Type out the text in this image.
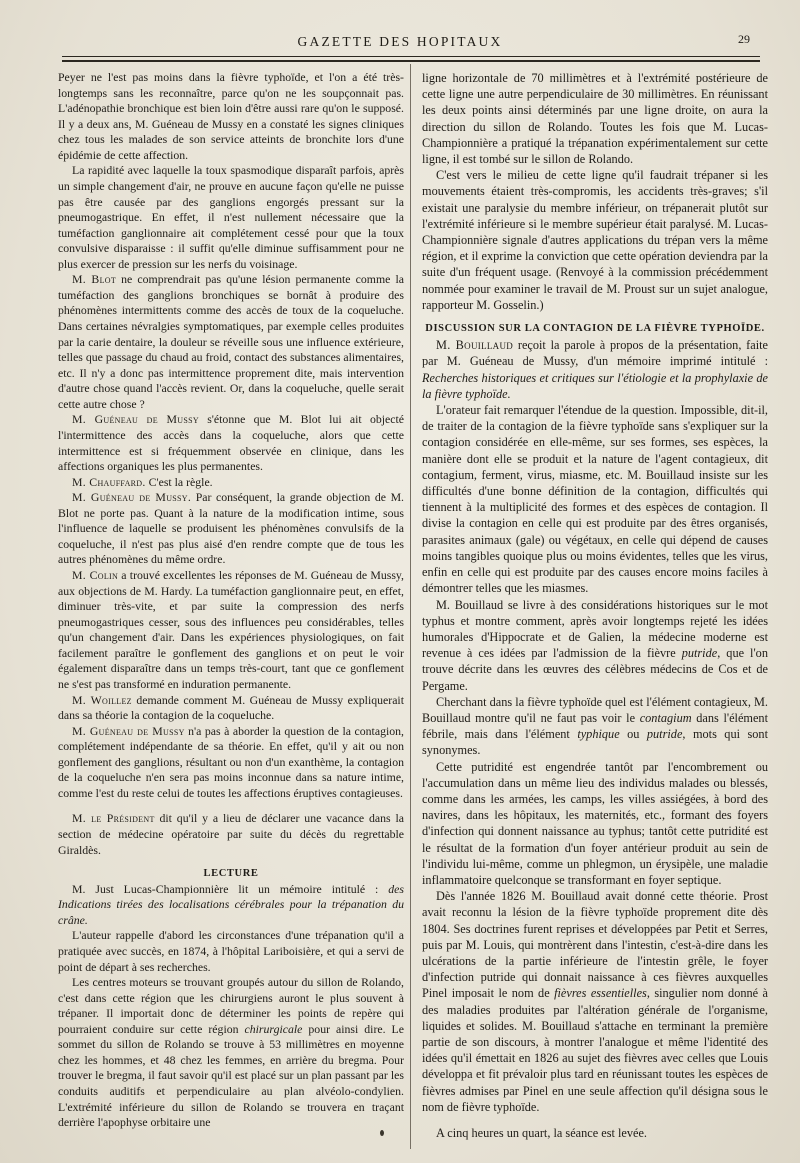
GAZETTE DES HOPITAUX	29

Peyer ne l'est pas moins dans la fièvre typhoïde, et l'on a été très-longtemps sans les reconnaître, parce qu'on ne les soupçonnait pas. L'adénopathie bronchique est bien loin d'être aussi rare qu'on le supposé. Il y a deux ans, M. Guéneau de Mussy en a constaté les signes cliniques chez tous les malades de son service atteints de bronchite lors d'une épidémie de cette affection.

La rapidité avec laquelle la toux spasmodique disparaît parfois, après un simple changement d'air, ne prouve en aucune façon qu'elle ne puisse pas être causée par des ganglions engorgés pressant sur la pneumogastrique. En effet, il n'est nullement nécessaire que la tuméfaction ganglionnaire ait complétement cessé pour que la toux convulsive disparaisse : il suffit qu'elle diminue suffisamment pour ne plus exercer de pression sur les nerfs du voisinage.

M. Blot ne comprendrait pas qu'une lésion permanente comme la tuméfaction des ganglions bronchiques se bornât à produire des phénomènes intermittents comme des accès de toux de la coqueluche. Dans certaines névralgies symptomatiques, par exemple celles produites par la carie dentaire, la douleur se réveille sous une influence extérieure, telles que passage du chaud au froid, contact des substances alimentaires, etc. Il n'y a donc pas intermittence proprement dite, mais intervention d'autre chose quand l'accès revient. Or, dans la coqueluche, quelle serait cette autre chose ?

M. Guéneau de Mussy s'étonne que M. Blot lui ait objecté l'intermittence des accès dans la coqueluche, alors que cette intermittence est si fréquemment observée en clinique, dans les affections organiques les plus permanentes.

M. Chauffard. C'est la règle.

M. Guéneau de Mussy. Par conséquent, la grande objection de M. Blot ne porte pas. Quant à la nature de la modification intime, sous l'influence de laquelle se produisent les phénomènes convulsifs de la coqueluche, il n'est pas plus aisé d'en rendre compte que de tous les autres phénomènes du même ordre.

M. Colin a trouvé excellentes les réponses de M. Guéneau de Mussy, aux objections de M. Hardy. La tuméfaction ganglionnaire peut, en effet, diminuer très-vite, et par suite la compression des nerfs pneumogastriques cesser, sous des influences peu considérables, telles qu'un changement d'air. Dans les expériences physiologiques, on fait facilement paraître le gonflement des ganglions et on peut le voir également disparaître dans un temps très-court, tant que ce gonflement ne s'est pas transformé en induration permanente.

M. Woillez demande comment M. Guéneau de Mussy expliquerait dans sa théorie la contagion de la coqueluche.

M. Guéneau de Mussy n'a pas à aborder la question de la contagion, complétement indépendante de sa théorie. En effet, qu'il y ait ou non gonflement des ganglions, résultant ou non d'un exanthème, la contagion de la coqueluche n'en sera pas moins inconnue dans sa nature intime, comme l'est du reste celui de toutes les affections éruptives contagieuses.

M. le Président dit qu'il y a lieu de déclarer une vacance dans la section de médecine opératoire par suite du décès du regrettable Giraldès.

LECTURE

M. Just Lucas-Championnière lit un mémoire intitulé : des Indications tirées des localisations cérébrales pour la trépanation du crâne.

L'auteur rappelle d'abord les circonstances d'une trépanation qu'il a pratiquée avec succès, en 1874, à l'hôpital Lariboisière, et qui a servi de point de départ à ses recherches.

Les centres moteurs se trouvant groupés autour du sillon de Rolando, c'est dans cette région que les chirurgiens auront le plus souvent à trépaner. Il importait donc de déterminer les points de repère qui pourraient conduire sur cette région chirurgicale pour ainsi dire. Le sommet du sillon de Rolando se trouve à 53 millimètres en moyenne chez les hommes, et 48 chez les femmes, en arrière du bregma. Pour trouver le bregma, il faut savoir qu'il est placé sur un plan passant par les conduits auditifs et perpendiculaire au plan alvéolo-condylien. L'extrémité inférieure du sillon de Rolando se trouvera en traçant derrière l'apophyse orbitaire une

ligne horizontale de 70 millimètres et à l'extrémité postérieure de cette ligne une autre perpendiculaire de 30 millimètres. En réunissant les deux points ainsi déterminés par une ligne droite, on aura la direction du sillon de Rolando. Toutes les fois que M. Lucas-Championnière a pratiqué la trépanation expérimentalement sur cette ligne, il est tombé sur le sillon de Rolando.

C'est vers le milieu de cette ligne qu'il faudrait trépaner si les mouvements étaient très-compromis, les accidents très-graves; s'il existait une paralysie du membre inférieur, on trépanerait plutôt sur l'extrémité inférieure si le membre supérieur était paralysé. M. Lucas-Championnière signale d'autres applications du trépan vers la même région, et il exprime la conviction que cette opération deviendra par la suite d'un fréquent usage. (Renvoyé à la commission précédemment nommée pour examiner le travail de M. Proust sur un sujet analogue, rapporteur M. Gosselin.)

DISCUSSION SUR LA CONTAGION DE LA FIÈVRE TYPHOÏDE.

M. Bouillaud reçoit la parole à propos de la présentation, faite par M. Guéneau de Mussy, d'un mémoire imprimé intitulé : Recherches historiques et critiques sur l'étiologie et la prophylaxie de la fièvre typhoïde.

L'orateur fait remarquer l'étendue de la question. Impossible, dit-il, de traiter de la contagion de la fièvre typhoïde sans s'expliquer sur la contagion considérée en elle-même, sur ses formes, ses espèces, la manière dont elle se produit et la nature de l'agent contagieux, dit contagium, ferment, virus, miasme, etc. M. Bouillaud insiste sur les difficultés d'une bonne définition de la contagion, difficultés qui tiennent à la multiplicité des formes et des espèces de contagion. Il divise la contagion en celle qui est produite par des êtres organisés, parasites animaux (gale) ou végétaux, en celle qui dépend de causes moins tangibles quoique plus ou moins évidentes, telles que les virus, enfin en celle qui est produite par des causes encore moins faciles à démontrer telles que les miasmes.

M. Bouillaud se livre à des considérations historiques sur le mot typhus et montre comment, après avoir longtemps rejeté les idées humorales d'Hippocrate et de Galien, la médecine moderne est revenue à ces idées par l'admission de la fièvre putride, que l'on trouve décrite dans les œuvres des célèbres médecins de Cos et de Pergame.

Cherchant dans la fièvre typhoïde quel est l'élément contagieux, M. Bouillaud montre qu'il ne faut pas voir le contagium dans l'élément fébrile, mais dans l'élément typhique ou putride, mots qui sont synonymes.

Cette putridité est engendrée tantôt par l'encombrement ou l'accumulation dans un même lieu des individus malades ou blessés, comme dans les armées, les camps, les villes assiégées, à bord des navires, dans les hôpitaux, les maternités, etc., formant des foyers d'infection qui donnent naissance au typhus; tantôt cette putridité est le résultat de la formation d'un foyer antérieur produit au sein de l'individu lui-même, comme un phlegmon, un érysipèle, une maladie inflammatoire quelconque se transformant en foyer septique.

Dès l'année 1826 M. Bouillaud avait donné cette théorie. Prost avait reconnu la lésion de la fièvre typhoïde proprement dite dès 1804. Ses doctrines furent reprises et développées par Petit et Serres, puis par M. Louis, qui montrèrent dans l'intestin, c'est-à-dire dans les ulcérations de la partie inférieure de l'intestin grêle, le foyer d'infection putride qui donnait naissance à ces fièvres auxquelles Pinel imposait le nom de fièvres essentielles, singulier nom donné à des maladies produites par l'altération générale de l'organisme, liquides et solides. M. Bouillaud s'attache en terminant la première partie de son discours, à montrer l'analogue et même l'identité des idées qu'il émettait en 1826 au sujet des fièvres avec celles que Louis développa et fit prévaloir plus tard en réunissant toutes les espèces de fièvres admises par Pinel en une seule affection qu'il désigna sous le nom de fièvre typhoïde.

A cinq heures un quart, la séance est levée.
